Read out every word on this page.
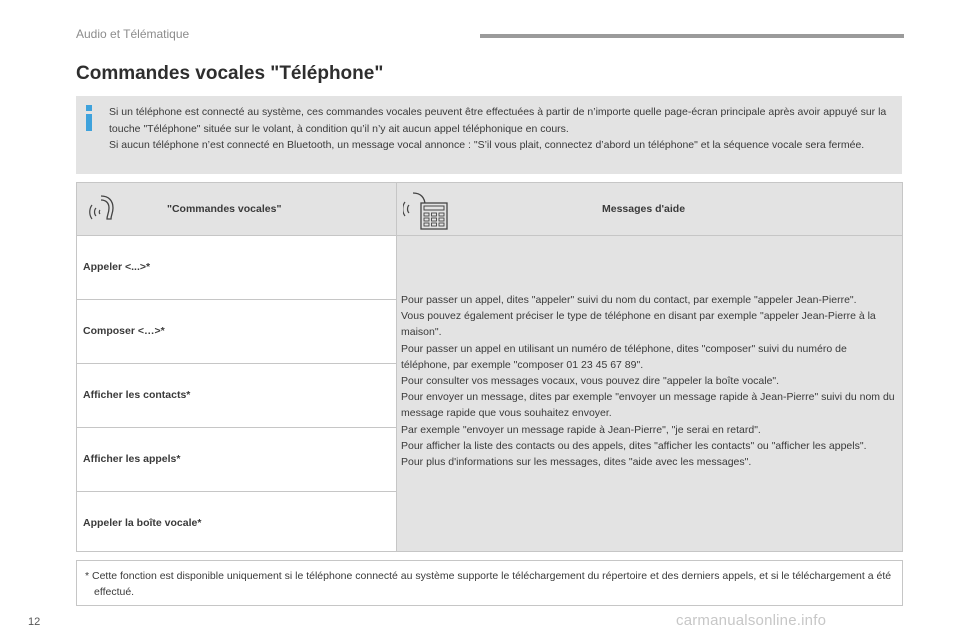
Audio et Télématique
Commandes vocales "Téléphone"

Si un téléphone est connecté au système, ces commandes vocales peuvent être effectuées à partir de n’importe quelle page-écran principale après avoir appuyé sur la touche "Téléphone" située sur le volant, à condition qu’il n’y ait aucun appel téléphonique en cours.

Si aucun téléphone n’est connecté en Bluetooth, un message vocal annonce : "S’il vous plait, connectez d’abord un téléphone" et la séquence vocale sera fermée.

"Commandes vocales"	Messages d'aide
Appeler <...>*
Composer <…>*
Afficher les contacts*
Afficher les appels*
Appeler la boîte vocale*

Pour passer un appel, dites "appeler" suivi du nom du contact, par exemple "appeler Jean-Pierre".

Vous pouvez également préciser le type de téléphone en disant par exemple "appeler Jean-Pierre à la maison".

Pour passer un appel en utilisant un numéro de téléphone, dites "composer" suivi du numéro de téléphone, par exemple "composer 01 23 45 67 89".

Pour consulter vos messages vocaux, vous pouvez dire "appeler la boîte vocale".

Pour envoyer un message, dites par exemple "envoyer un message rapide à Jean-Pierre" suivi du nom du message rapide que vous souhaitez envoyer.

Par exemple "envoyer un message rapide à Jean-Pierre", "je serai en retard".

Pour afficher la liste des contacts ou des appels, dites "afficher les contacts" ou "afficher les appels".

Pour plus d'informations sur les messages, dites "aide avec les messages".

* Cette fonction est disponible uniquement si le téléphone connecté au système supporte le téléchargement du répertoire et des derniers appels, et si le téléchargement a été effectué.
12	carmanualsonline.info
